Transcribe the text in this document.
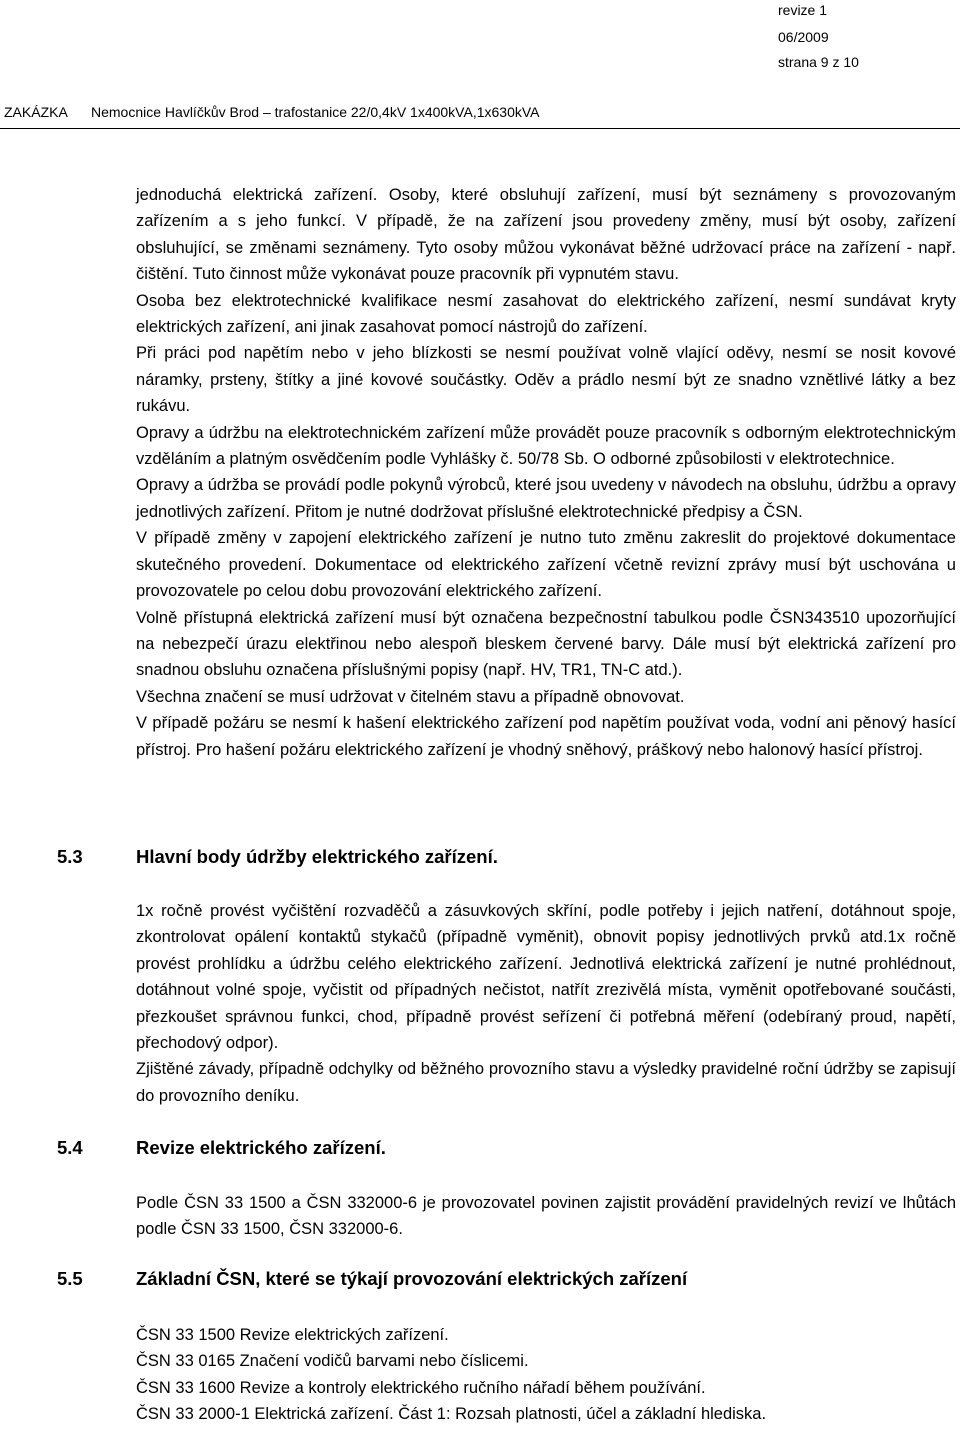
revize 1
06/2009
strana 9 z 10
ZAKÁZKA Nemocnice Havlíčkův Brod – trafostanice 22/0,4kV 1x400kVA,1x630kVA

jednoduchá elektrická zařízení. Osoby, které obsluhují zařízení, musí být seznámeny s provozovaným zařízením a s jeho funkcí. V případě, že na zařízení jsou provedeny změny, musí být osoby, zařízení obsluhující, se změnami seznámeny. Tyto osoby můžou vykonávat běžné udržovací práce na zařízení - např. čištění. Tuto činnost může vykonávat pouze pracovník při vypnutém stavu.

Osoba bez elektrotechnické kvalifikace nesmí zasahovat do elektrického zařízení, nesmí sundávat kryty elektrických zařízení, ani jinak zasahovat pomocí nástrojů do zařízení.

Při práci pod napětím nebo v jeho blízkosti se nesmí používat volně vlající oděvy, nesmí se nosit kovové náramky, prsteny, štítky a jiné kovové součástky. Oděv a prádlo nesmí být ze snadno vznětlivé látky a bez rukávu.

Opravy a údržbu na elektrotechnickém zařízení může provádět pouze pracovník s odborným elektrotechnickým vzděláním a platným osvědčením podle Vyhlášky č. 50/78 Sb. O odborné způsobilosti v elektrotechnice.

Opravy a údržba se provádí podle pokynů výrobců, které jsou uvedeny v návodech na obsluhu, údržbu a opravy jednotlivých zařízení. Přitom je nutné dodržovat příslušné elektrotechnické předpisy a ČSN.

V případě změny v zapojení elektrického zařízení je nutno tuto změnu zakreslit do projektové dokumentace skutečného provedení. Dokumentace od elektrického zařízení včetně revizní zprávy musí být uschována u provozovatele po celou dobu provozování elektrického zařízení.

Volně přístupná elektrická zařízení musí být označena bezpečnostní tabulkou podle ČSN343510 upozorňující na nebezpečí úrazu elektřinou nebo alespoň bleskem červené barvy. Dále musí být elektrická zařízení pro snadnou obsluhu označena příslušnými popisy (např. HV, TR1, TN-C atd.).

Všechna značení se musí udržovat v čitelném stavu a případně obnovovat.

V případě požáru se nesmí k hašení elektrického zařízení pod napětím používat voda, vodní ani pěnový hasící přístroj. Pro hašení požáru elektrického zařízení je vhodný sněhový, práškový nebo halonový hasící přístroj.

5.3	Hlavní body údržby elektrického zařízení.

1x ročně provést vyčištění rozvaděčů a zásuvkových skříní, podle potřeby i jejich natření, dotáhnout spoje, zkontrolovat opálení kontaktů stykačů (případně vyměnit), obnovit popisy jednotlivých prvků atd.1x ročně provést prohlídku a údržbu celého elektrického zařízení. Jednotlivá elektrická zařízení je nutné prohlédnout, dotáhnout volné spoje, vyčistit od případných nečistot, natřít zrezivělá místa, vyměnit opotřebované součásti, přezkoušet správnou funkci, chod, případně provést seřízení či potřebná měření (odebíraný proud, napětí, přechodový odpor).

Zjištěné závady, případně odchylky od běžného provozního stavu a výsledky pravidelné roční údržby se zapisují do provozního deníku.

5.4	Revize elektrického zařízení.

Podle ČSN 33 1500 a ČSN 332000-6 je provozovatel povinen zajistit provádění pravidelných revizí ve lhůtách podle ČSN 33 1500, ČSN 332000-6.

5.5	Základní ČSN, které se týkají provozování elektrických zařízení

ČSN 33 1500 Revize elektrických zařízení.

ČSN 33 0165 Značení vodičů barvami nebo číslicemi.

ČSN 33 1600 Revize a kontroly elektrického ručního nářadí během používání.

ČSN 33 2000-1 Elektrická zařízení. Část 1: Rozsah platnosti, účel a základní hlediska.
